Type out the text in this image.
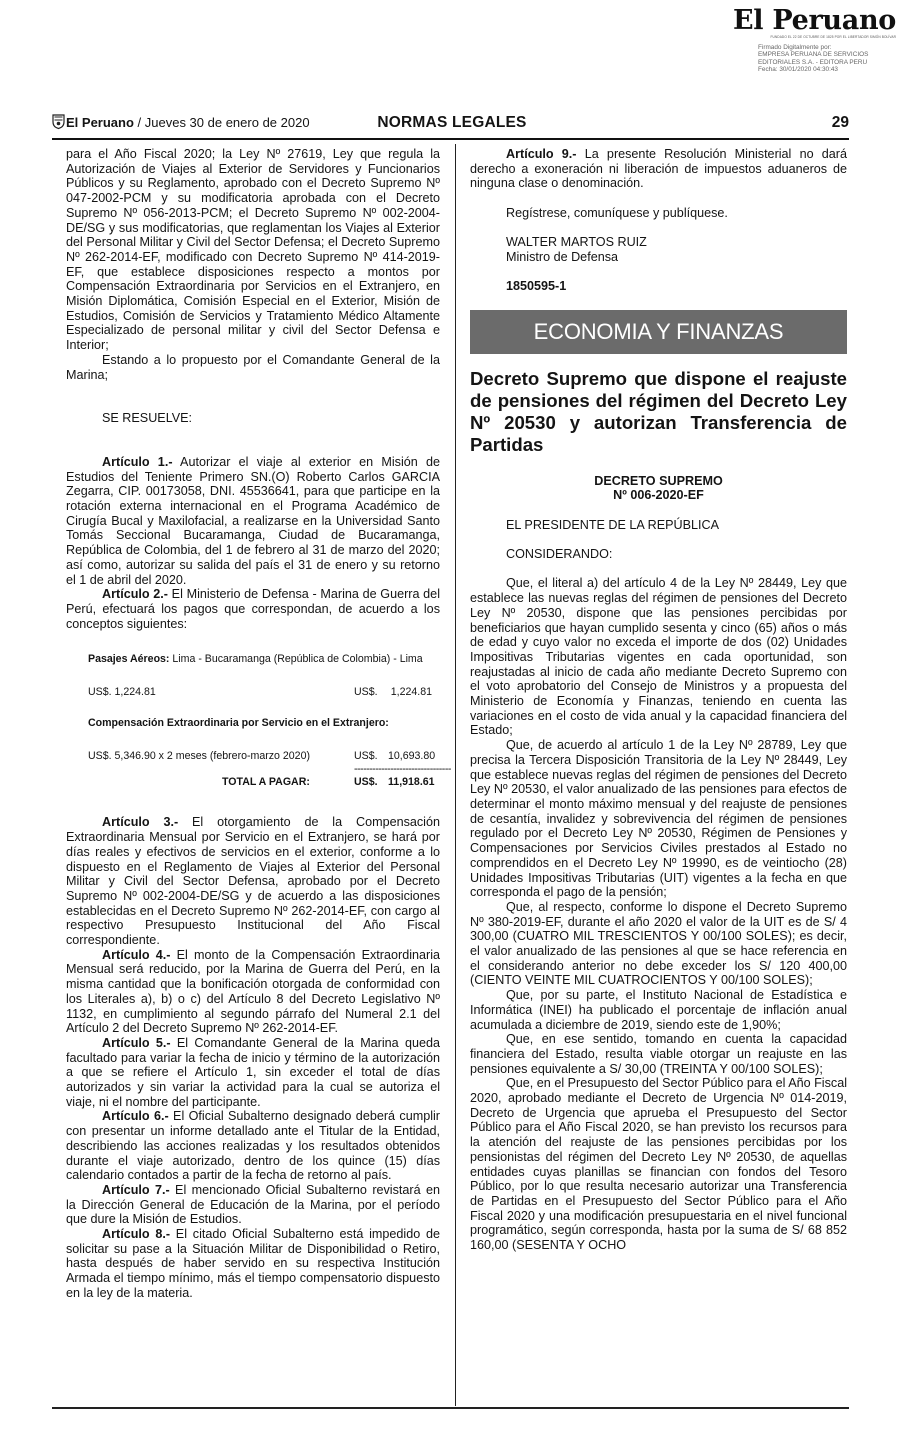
El Peruano
FUNDADO EL 22 DE OCTUBRE DE 1825 POR EL LIBERTADOR SIMÓN BOLÍVAR
Firmado Digitalmente por:
EMPRESA PERUANA DE SERVICIOS
EDITORIALES S.A. - EDITORA PERU
Fecha: 30/01/2020 04:30:43
El Peruano / Jueves 30 de enero de 2020	NORMAS LEGALES	29

para el Año Fiscal 2020; la Ley Nº 27619, Ley que regula la Autorización de Viajes al Exterior de Servidores y Funcionarios Públicos y su Reglamento, aprobado con el Decreto Supremo Nº 047-2002-PCM y su modificatoria aprobada con el Decreto Supremo Nº 056-2013-PCM; el Decreto Supremo Nº 002-2004-DE/SG y sus modificatorias, que reglamentan los Viajes al Exterior del Personal Militar y Civil del Sector Defensa; el Decreto Supremo Nº 262-2014-EF, modificado con Decreto Supremo Nº 414-2019-EF, que establece disposiciones respecto a montos por Compensación Extraordinaria por Servicios en el Extranjero, en Misión Diplomática, Comisión Especial en el Exterior, Misión de Estudios, Comisión de Servicios y Tratamiento Médico Altamente Especializado de personal militar y civil del Sector Defensa e Interior;

Estando a lo propuesto por el Comandante General de la Marina;

SE RESUELVE:

Artículo 1.- Autorizar el viaje al exterior en Misión de Estudios del Teniente Primero SN.(O) Roberto Carlos GARCIA Zegarra, CIP. 00173058, DNI. 45536641, para que participe en la rotación externa internacional en el Programa Académico de Cirugía Bucal y Maxilofacial, a realizarse en la Universidad Santo Tomás Seccional Bucaramanga, Ciudad de Bucaramanga, República de Colombia, del 1 de febrero al 31 de marzo del 2020; así como, autorizar su salida del país el 31 de enero y su retorno el 1 de abril del 2020.

Artículo 2.- El Ministerio de Defensa - Marina de Guerra del Perú, efectuará los pagos que correspondan, de acuerdo a los conceptos siguientes:

Pasajes Aéreos: Lima - Bucaramanga (República de Colombia) - Lima
US$. 1,224.81	US$. 1,224.81
Compensación Extraordinaria por Servicio en el Extranjero:
US$. 5,346.90 x 2 meses (febrero-marzo 2020)	US$. 10,693.80
--------------------------------
TOTAL A PAGAR:	US$. 11,918.61

Artículo 3.- El otorgamiento de la Compensación Extraordinaria Mensual por Servicio en el Extranjero, se hará por días reales y efectivos de servicios en el exterior, conforme a lo dispuesto en el Reglamento de Viajes al Exterior del Personal Militar y Civil del Sector Defensa, aprobado por el Decreto Supremo Nº 002-2004-DE/SG y de acuerdo a las disposiciones establecidas en el Decreto Supremo Nº 262-2014-EF, con cargo al respectivo Presupuesto Institucional del Año Fiscal correspondiente.

Artículo 4.- El monto de la Compensación Extraordinaria Mensual será reducido, por la Marina de Guerra del Perú, en la misma cantidad que la bonificación otorgada de conformidad con los Literales a), b) o c) del Artículo 8 del Decreto Legislativo Nº 1132, en cumplimiento al segundo párrafo del Numeral 2.1 del Artículo 2 del Decreto Supremo Nº 262-2014-EF.

Artículo 5.- El Comandante General de la Marina queda facultado para variar la fecha de inicio y término de la autorización a que se refiere el Artículo 1, sin exceder el total de días autorizados y sin variar la actividad para la cual se autoriza el viaje, ni el nombre del participante.

Artículo 6.- El Oficial Subalterno designado deberá cumplir con presentar un informe detallado ante el Titular de la Entidad, describiendo las acciones realizadas y los resultados obtenidos durante el viaje autorizado, dentro de los quince (15) días calendario contados a partir de la fecha de retorno al país.

Artículo 7.- El mencionado Oficial Subalterno revistará en la Dirección General de Educación de la Marina, por el período que dure la Misión de Estudios.

Artículo 8.- El citado Oficial Subalterno está impedido de solicitar su pase a la Situación Militar de Disponibilidad o Retiro, hasta después de haber servido en su respectiva Institución Armada el tiempo mínimo, más el tiempo compensatorio dispuesto en la ley de la materia.

Artículo 9.- La presente Resolución Ministerial no dará derecho a exoneración ni liberación de impuestos aduaneros de ninguna clase o denominación.

Regístrese, comuníquese y publíquese.

WALTER MARTOS RUIZ

Ministro de Defensa

1850595-1

ECONOMIA Y FINANZAS
Decreto Supremo que dispone el reajuste de pensiones del régimen del Decreto Ley Nº 20530 y autorizan Transferencia de Partidas
DECRETO SUPREMO
Nº 006-2020-EF

EL PRESIDENTE DE LA REPÚBLICA

CONSIDERANDO:

Que, el literal a) del artículo 4 de la Ley Nº 28449, Ley que establece las nuevas reglas del régimen de pensiones del Decreto Ley Nº 20530, dispone que las pensiones percibidas por beneficiarios que hayan cumplido sesenta y cinco (65) años o más de edad y cuyo valor no exceda el importe de dos (02) Unidades Impositivas Tributarias vigentes en cada oportunidad, son reajustadas al inicio de cada año mediante Decreto Supremo con el voto aprobatorio del Consejo de Ministros y a propuesta del Ministerio de Economía y Finanzas, teniendo en cuenta las variaciones en el costo de vida anual y la capacidad financiera del Estado;

Que, de acuerdo al artículo 1 de la Ley Nº 28789, Ley que precisa la Tercera Disposición Transitoria de la Ley Nº 28449, Ley que establece nuevas reglas del régimen de pensiones del Decreto Ley Nº 20530, el valor anualizado de las pensiones para efectos de determinar el monto máximo mensual y del reajuste de pensiones de cesantía, invalidez y sobrevivencia del régimen de pensiones regulado por el Decreto Ley Nº 20530, Régimen de Pensiones y Compensaciones por Servicios Civiles prestados al Estado no comprendidos en el Decreto Ley Nº 19990, es de veintiocho (28) Unidades Impositivas Tributarias (UIT) vigentes a la fecha en que corresponda el pago de la pensión;

Que, al respecto, conforme lo dispone el Decreto Supremo Nº 380-2019-EF, durante el año 2020 el valor de la UIT es de S/ 4 300,00 (CUATRO MIL TRESCIENTOS Y 00/100 SOLES); es decir, el valor anualizado de las pensiones al que se hace referencia en el considerando anterior no debe exceder los S/ 120 400,00 (CIENTO VEINTE MIL CUATROCIENTOS Y 00/100 SOLES);

Que, por su parte, el Instituto Nacional de Estadística e Informática (INEI) ha publicado el porcentaje de inflación anual acumulada a diciembre de 2019, siendo este de 1,90%;

Que, en ese sentido, tomando en cuenta la capacidad financiera del Estado, resulta viable otorgar un reajuste en las pensiones equivalente a S/ 30,00 (TREINTA Y 00/100 SOLES);

Que, en el Presupuesto del Sector Público para el Año Fiscal 2020, aprobado mediante el Decreto de Urgencia Nº 014-2019, Decreto de Urgencia que aprueba el Presupuesto del Sector Público para el Año Fiscal 2020, se han previsto los recursos para la atención del reajuste de las pensiones percibidas por los pensionistas del régimen del Decreto Ley Nº 20530, de aquellas entidades cuyas planillas se financian con fondos del Tesoro Público, por lo que resulta necesario autorizar una Transferencia de Partidas en el Presupuesto del Sector Público para el Año Fiscal 2020 y una modificación presupuestaria en el nivel funcional programático, según corresponda, hasta por la suma de S/ 68 852 160,00 (SESENTA Y OCHO
